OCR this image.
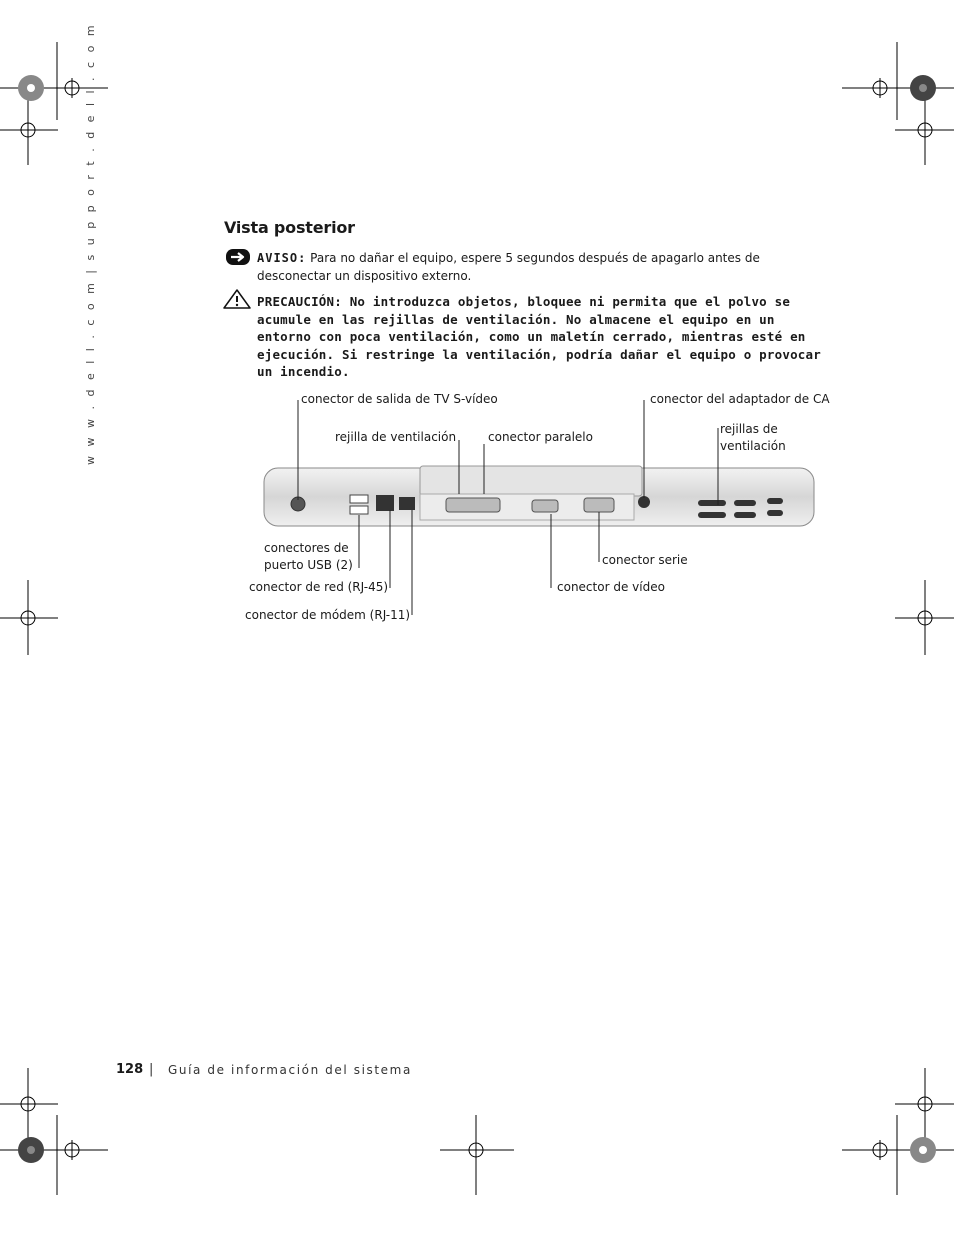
w w w . d e l l . c o m | s u p p o r t . d e l l . c o m	Vista posterior
AVISO: Para no dañar el equipo, espere 5 segundos después de apagarlo antes de desconectar un dispositivo externo.
PRECAUCIÓN: No introduzca objetos, bloquee ni permita que el polvo se acumule en las rejillas de ventilación. No almacene el equipo en un entorno con poca ventilación, como un maletín cerrado, mientras esté en ejecución. Si restringe la ventilación, podría dañar el equipo o provocar un incendio.
conector de salida de TV S-vídeo
rejilla de ventilación	conector paralelo
conector del adaptador de CA
rejillas de
ventilación
conectores de
puerto USB (2)
conector de red (RJ-45)
conector de módem (RJ-11)
conector serie
conector de vídeo
128 | Guía de información del sistema
